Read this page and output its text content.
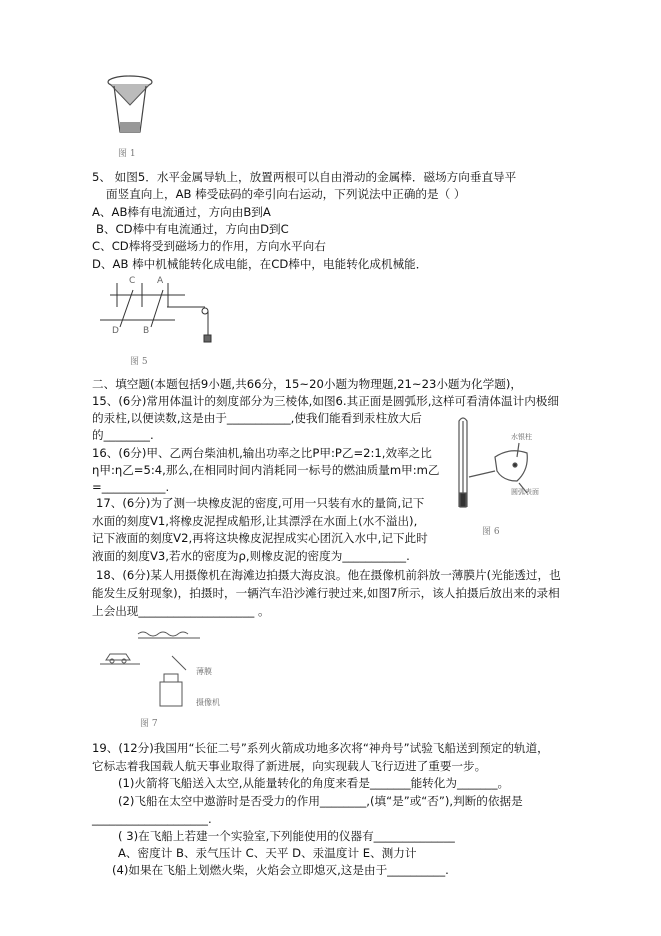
图 1
5、 如图5．水平金属导轨上，放置两根可以自由滑动的金属棒．磁场方向垂直导平
面竖直向上，AB 棒受砝码的牵引向右运动，下列说法中正确的是（ ）
A、AB棒有电流通过，方向由B到A
B、CD棒中有电流通过，方向由D到C
C、CD棒将受到磁场力的作用，方向水平向右
D、AB 棒中机械能转化成电能，在CD棒中，电能转化成机械能．
C A
D	B
图 5
二、填空题(本题包括9小题,共66分，15~20小题为物理题,21~23小题为化学题)，
15、(6分)常用体温计的刻度部分为三棱体,如图6.其正面是圆弧形,这样可看清体温计内极细
的汞柱,以便读数,这是由于___________,使我们能看到汞柱放大后
的________.
16、(6分)甲、乙两台柴油机,输出功率之比P甲:P乙=2:1,效率之比
η甲:η乙=5:4,那么,在相同时间内消耗同一标号的燃油质量m甲:m乙
=___________.
水银柱
圆弧表面
图 6
17、(6分)为了测一块橡皮泥的密度,可用一只装有水的量筒,记下
水面的刻度V1,将橡皮泥捏成船形,让其漂浮在水面上(水不溢出),
记下液面的刻度V2,再将这块橡皮泥捏成实心团沉入水中,记下此时
液面的刻度V3,若水的密度为ρ,则橡皮泥的密度为___________.
18、(6分)某人用摄像机在海滩边拍摄大海皮浪。他在摄像机前斜放一薄膜片(光能透过，也
能发生反射现象)，拍摄时，一辆汽车沿沙滩行驶过来,如图7所示，该人拍摄后放出来的录相
上会出现____________________ 。
薄膜
摄像机
图 7
19、(12分)我国用“长征二号”系列火箭成功地多次将“神舟号”试验飞船送到预定的轨道，
它标志着我国载人航天事业取得了新进展，向实现载人飞行迈进了重要一步。
(1)火箭将飞船送入太空,从能量转化的角度来看是_______能转化为_______。
(2)飞船在太空中遨游时是否受力的作用________,(填“是”或“否”),判断的依据是
____________________.
( 3)在飞船上若建一个实验室,下列能使用的仪器有______________
A、密度计 B、汞气压计 C、天平 D、汞温度计 E、测力计
(4)如果在飞船上划燃火柴，火焰会立即熄灭,这是由于__________.
